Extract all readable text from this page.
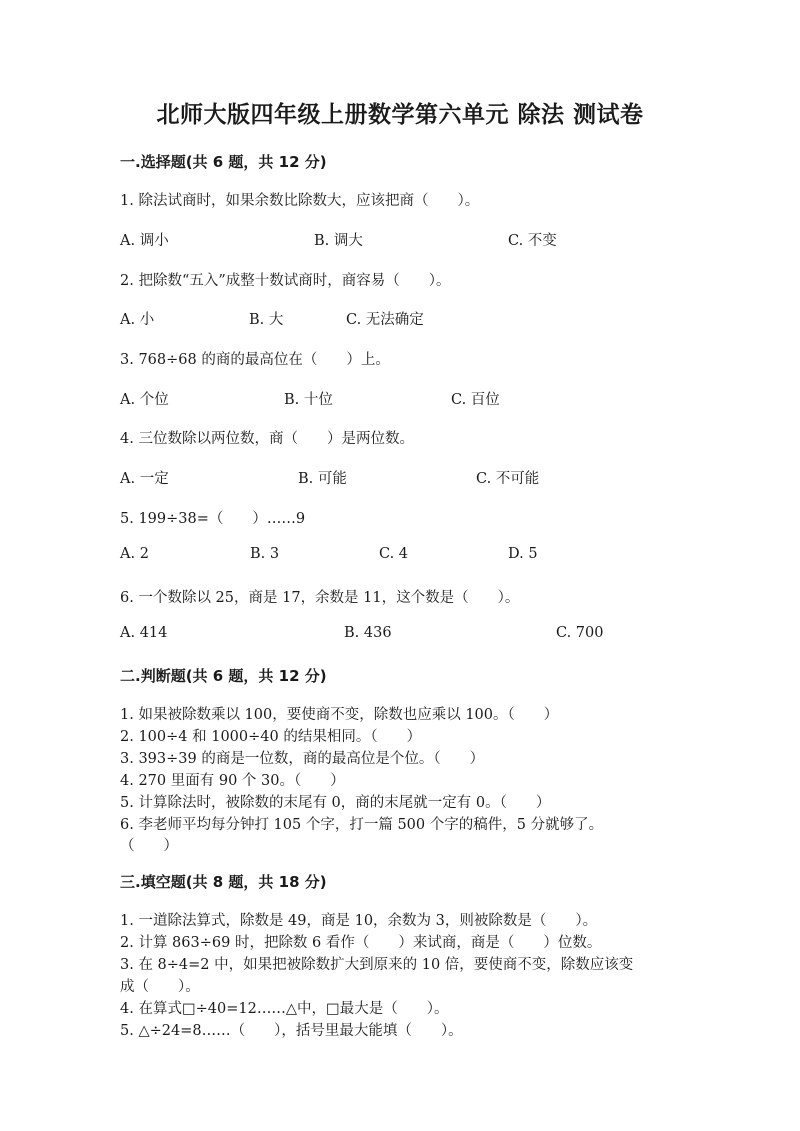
北师大版四年级上册数学第六单元 除法 测试卷
一.选择题(共 6 题，共 12 分)
1. 除法试商时，如果余数比除数大，应该把商（　　）。
A. 调小	B. 调大	C. 不变
2. 把除数“五入”成整十数试商时，商容易（　　）。
A. 小	B. 大	C. 无法确定
3. 768÷68 的商的最高位在（　　）上。
A. 个位	B. 十位	C. 百位
4. 三位数除以两位数，商（　　）是两位数。
A. 一定	B. 可能	C. 不可能
5. 199÷38=（　　）……9
A. 2	B. 3	C. 4	D. 5
6. 一个数除以 25，商是 17，余数是 11，这个数是（　　）。
A. 414	B. 436	C. 700
二.判断题(共 6 题，共 12 分)
1. 如果被除数乘以 100，要使商不变，除数也应乘以 100。（　　）
2. 100÷4 和 1000÷40 的结果相同。（　　）
3. 393÷39 的商是一位数，商的最高位是个位。（　　）
4. 270 里面有 90 个 30。（　　）
5. 计算除法时，被除数的末尾有 0，商的末尾就一定有 0。（　　）
6. 李老师平均每分钟打 105 个字，打一篇 500 个字的稿件，5 分就够了。
（　　）
三.填空题(共 8 题，共 18 分)
1. 一道除法算式，除数是 49，商是 10，余数为 3，则被除数是（　　）。
2. 计算 863÷69 时，把除数 6 看作（　　）来试商，商是（　　）位数。
3. 在 8÷4=2 中，如果把被除数扩大到原来的 10 倍，要使商不变，除数应该变
成（　　）。
4. 在算式□÷40=12……△中，□最大是（　　）。
5. △÷24=8……（　　），括号里最大能填（　　）。
